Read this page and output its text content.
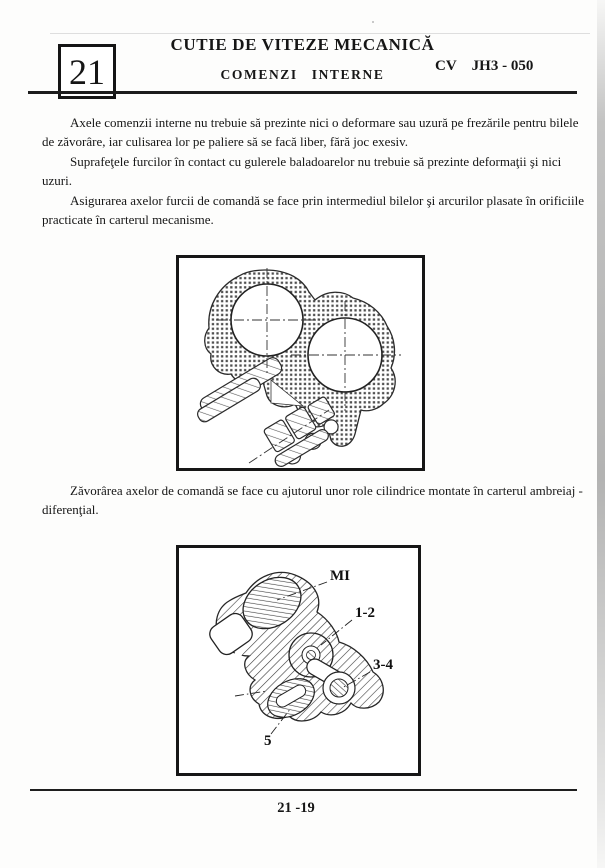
21
CUTIE DE VITEZE MECANICĂ
COMENZI INTERNE
CV JH3 - 050

Axele comenzii interne nu trebuie să prezinte nici o deformare sau uzură pe frezările pentru bilele de zăvorâre, iar culisarea lor pe paliere să se facă liber, fără joc exesiv.

Suprafeţele furcilor în contact cu gulerele baladoarelor nu trebuie să prezinte deformaţii şi nici uzuri.

Asigurarea axelor furcii de comandă se face prin intermediul bilelor şi arcurilor plasate în orificiile practicate în carterul mecanisme.

Zăvorârea axelor de comandă se face cu ajutorul unor role cilindrice montate în carterul ambreiaj - diferenţial.

MI
1-2
3-4
5
21 -19
